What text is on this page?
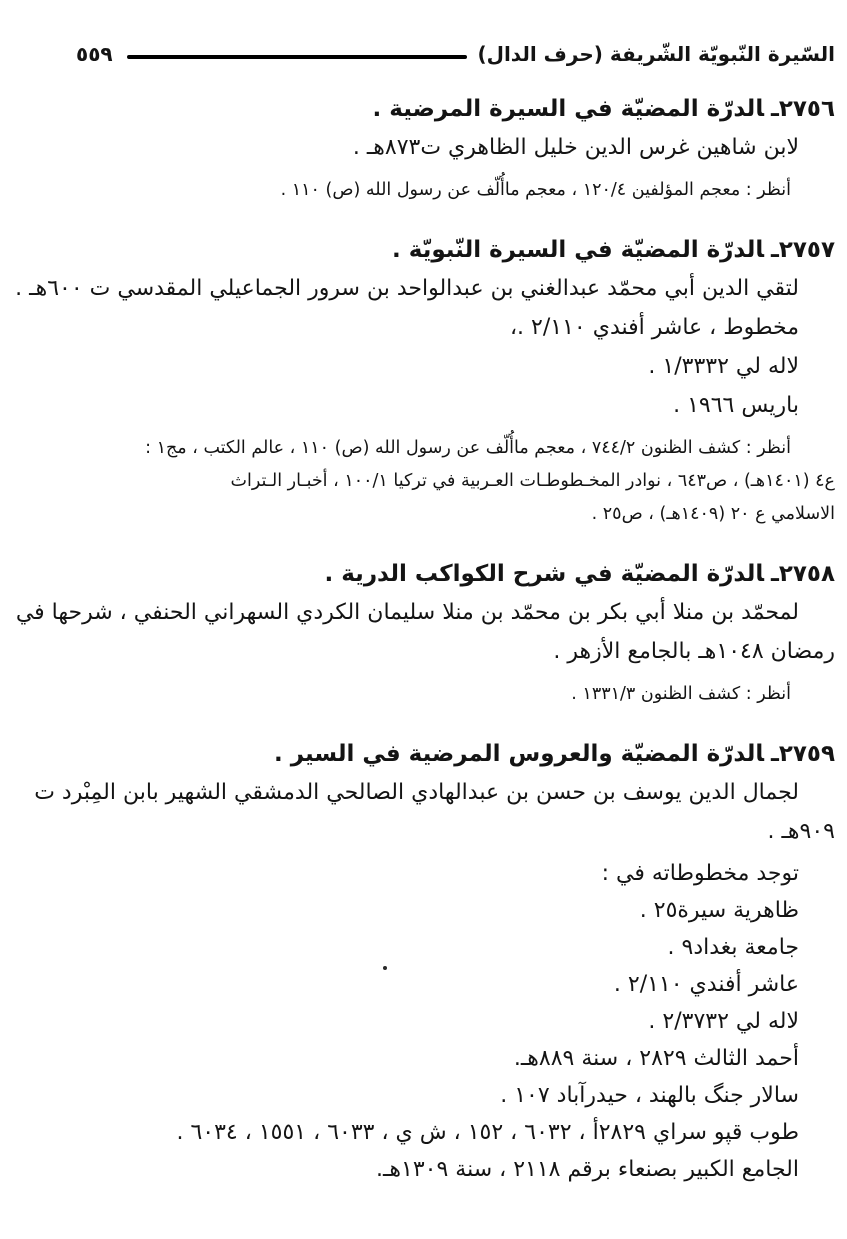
السّيرة النّبويّة الشّريفة (حرف الدال)
٥٥٩
٢٧٥٦ـالدرّة المضيّة في السيرة المرضية .
لابن شاهين غرس الدين خليل الظاهري ت٨٧٣هـ .
أنظر : معجم المؤلفين ١٢٠/٤ ، معجم ماأُلّف عن رسول الله (ص) ١١٠ .
٢٧٥٧ـالدرّة المضيّة في السيرة النّبويّة .
لتقي الدين أبي محمّد عبدالغني بن عبدالواحد بن سرور الجماعيلي المقدسي ت ٦٠٠هـ .
مخطوط ، عاشر أفندي ٢/١١٠ .،
لاله لي ١/٣٣٣٢ .
باريس ١٩٦٦ .
أنظر : كشف الظنون ٧٤٤/٢ ، معجم ماأُلّف عن رسول الله (ص) ١١٠ ، عالم الكتب ، مج١ :
ع٤ (١٤٠١هـ) ، ص٦٤٣ ، نوادر المخـطوطـات العـربية في تركيا ١٠٠/١ ، أخبـار الـتراث
الاسلامي ع ٢٠ (١٤٠٩هـ) ، ص٢٥ .
٢٧٥٨ـالدرّة المضيّة في شرح الكواكب الدرية .
لمحمّد بن منلا أبي بكر بن محمّد بن منلا سليمان الكردي السهراني الحنفي ، شرحها في
رمضان ١٠٤٨هـ بالجامع الأزهر .
أنظر : كشف الظنون ١٣٣١/٣ .
٢٧٥٩ـالدرّة المضيّة والعروس المرضية في السير .
لجمال الدين يوسف بن حسن بن عبدالهادي الصالحي الدمشقي الشهير بابن المِبْرد ت
٩٠٩هـ .
توجد مخطوطاته في :
ظاهرية سيرة٢٥ .
جامعة بغداد٩ .
عاشر أفندي ٢/١١٠ .
لاله لي ٢/٣٧٣٢ .
أحمد الثالث ٢٨٢٩ ، سنة ٨٨٩هـ.
سالار جنگ بالهند ، حيدرآباد ١٠٧ .
طوب قپو سراي ٢٨٢٩أ ، ٦٠٣٢ ، ١٥٢ ، ش ي ، ٦٠٣٣ ، ١٥٥١ ، ٦٠٣٤ .
الجامع الكبير بصنعاء برقم ٢١١٨ ، سنة ١٣٠٩هـ.
